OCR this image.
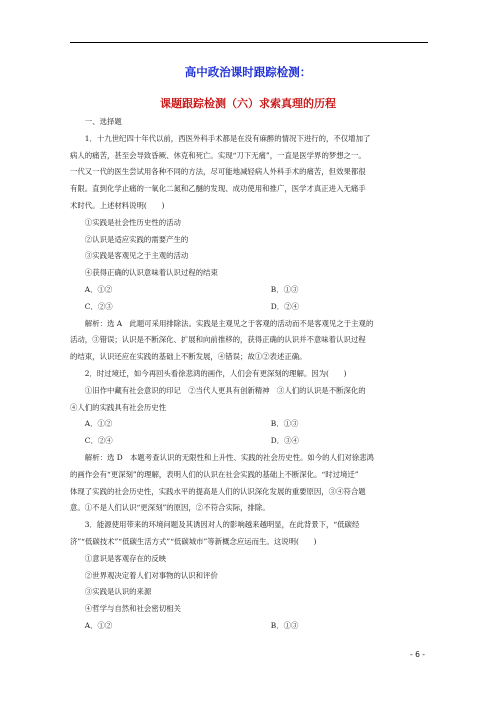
高中政治课时跟踪检测：
课题跟踪检测（六）求索真理的历程
一、选择题
1．十九世纪四十年代以前，西医外科手术都是在没有麻醉的情况下进行的，不仅增加了
病人的痛苦，甚至会导致昏厥、休克和死亡。实现“刀下无痛”，一直是医学界的梦想之一。
一代又一代的医生尝试用各种不同的方法，尽可能地减轻病人外科手术的痛苦，但效果都很
有限。直到化学止痛的一氧化二氮和乙醚的发现、成功使用和推广，医学才真正进入无痛手
术时代。上述材料说明(　　)
①实践是社会性历史性的活动
②认识是适应实践的需要产生的
③实践是客观见之于主观的活动
④获得正确的认识意味着认识过程的结束
A．①②	B．①③
C．②③	D．②④
解析：选 A　此题可采用排除法。实践是主观见之于客观的活动而不是客观见之于主观的
活动，③错误；认识是不断深化、扩展和向前推移的，获得正确的认识并不意味着认识过程
的结束，认识还应在实践的基础上不断发展，④错误；故①②表述正确。
2．时过境迁，如今再回头看徐悲鸿的画作，人们会有更深刻的理解。因为(　　)
①旧作中藏有社会意识的印记　②当代人更具有创新精神　③人们的认识是不断深化的
④人们的实践具有社会历史性
A．①②	B．①③
C．②④	D．③④
解析：选 D　本题考查认识的无限性和上升性、实践的社会历史性。如今的人们对徐悲鸿
的画作会有“更深刻”的理解，表明人们的认识在社会实践的基础上不断深化。“时过境迁”
体现了实践的社会历史性，实践水平的提高是人们的认识深化发展的重要原因，③④符合题
意。①不是人们认识“更深刻”的原因，②不符合实际，排除。
3．能源使用带来的环境问题及其诱因对人的影响越来越明显，在此背景下，“低碳经
济”“低碳技术”“低碳生活方式”“低碳城市”等新概念应运而生。这说明(　　)
①意识是客观存在的反映
②世界观决定着人们对事物的认识和评价
③实践是认识的来源
④哲学与自然和社会密切相关
A．①②	B．①③
- 6 -
